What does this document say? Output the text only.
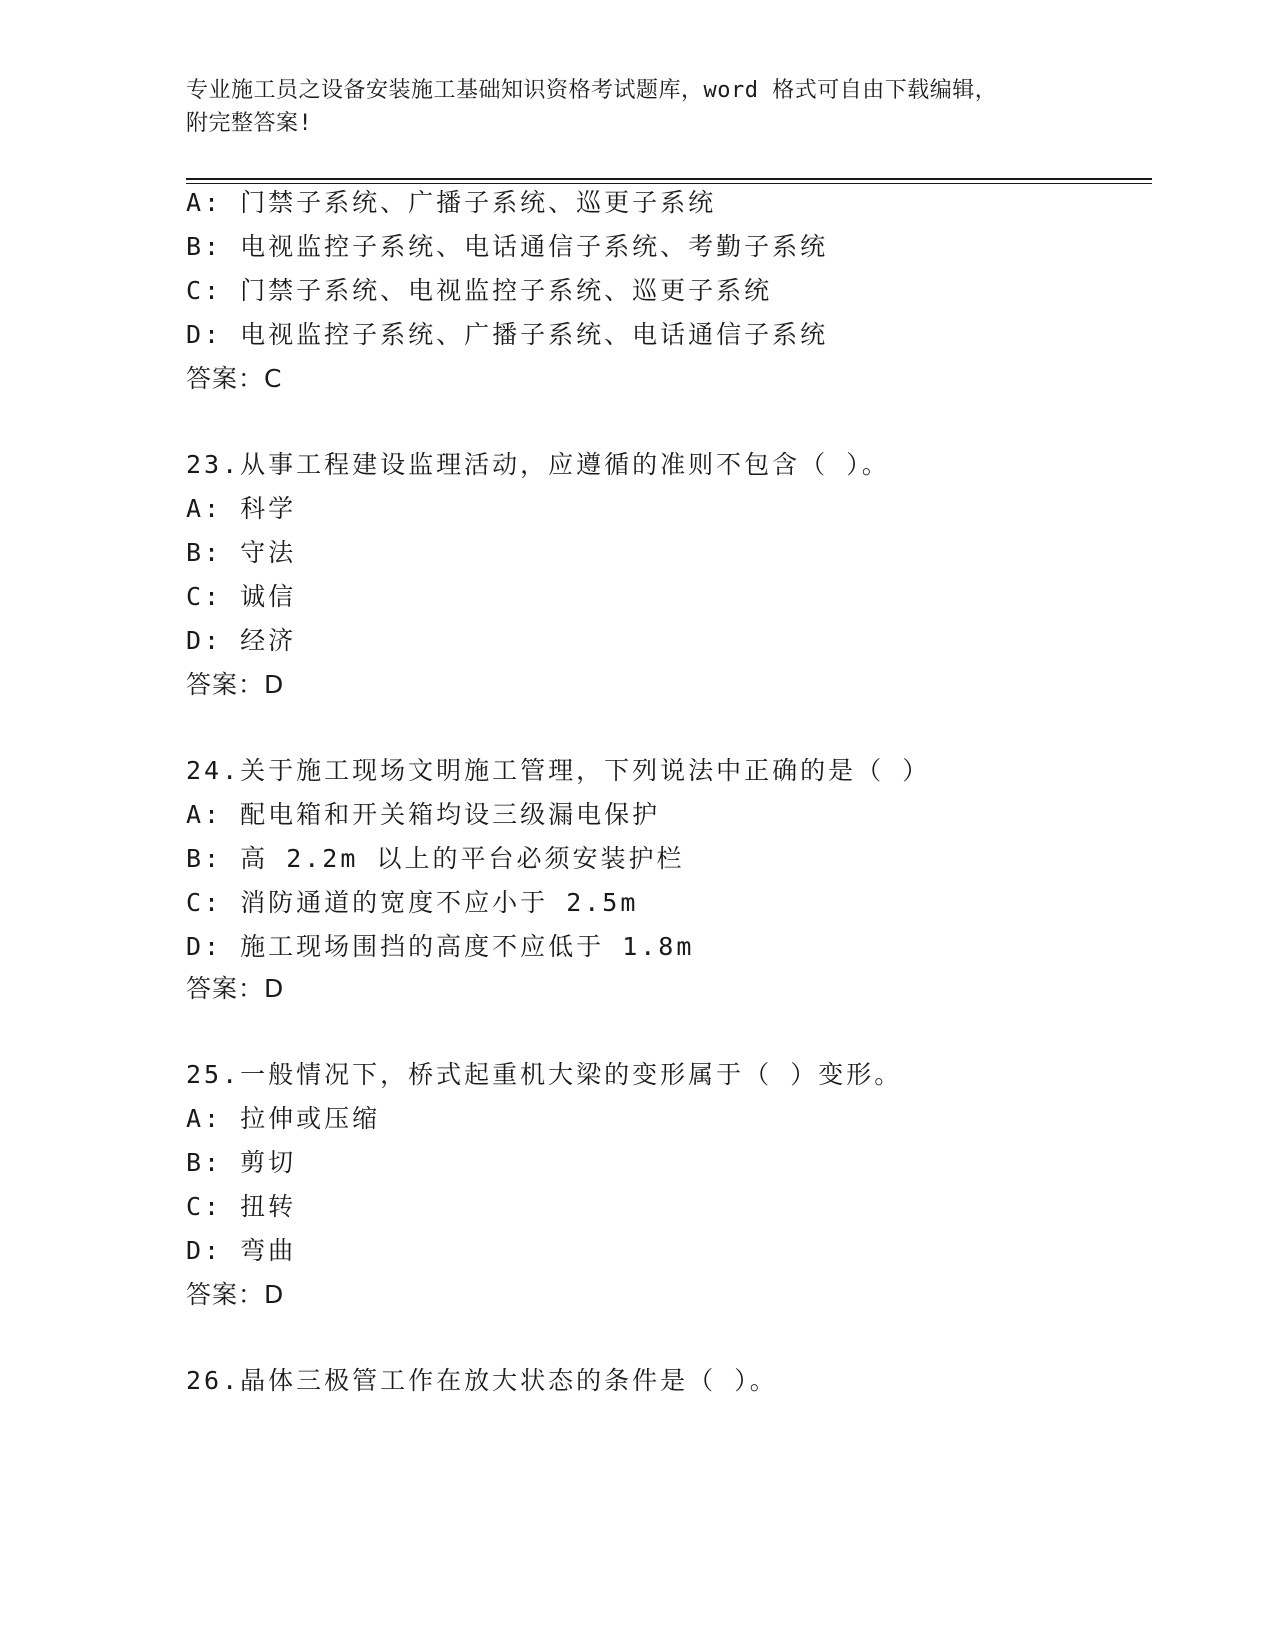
专业施工员之设备安装施工基础知识资格考试题库，word 格式可自由下载编辑，
附完整答案!
A: 门禁子系统、广播子系统、巡更子系统
B: 电视监控子系统、电话通信子系统、考勤子系统
C: 门禁子系统、电视监控子系统、巡更子系统
D: 电视监控子系统、广播子系统、电话通信子系统
答案：C
23.从事工程建设监理活动，应遵循的准则不包含（ ）。
A: 科学
B: 守法
C: 诚信
D: 经济
答案：D
24.关于施工现场文明施工管理，下列说法中正确的是（ ）
A: 配电箱和开关箱均设三级漏电保护
B: 高 2.2m 以上的平台必须安装护栏
C: 消防通道的宽度不应小于 2.5m
D: 施工现场围挡的高度不应低于 1.8m
答案：D
25.一般情况下，桥式起重机大梁的变形属于（ ）变形。
A: 拉伸或压缩
B: 剪切
C: 扭转
D: 弯曲
答案：D
26.晶体三极管工作在放大状态的条件是（ ）。
